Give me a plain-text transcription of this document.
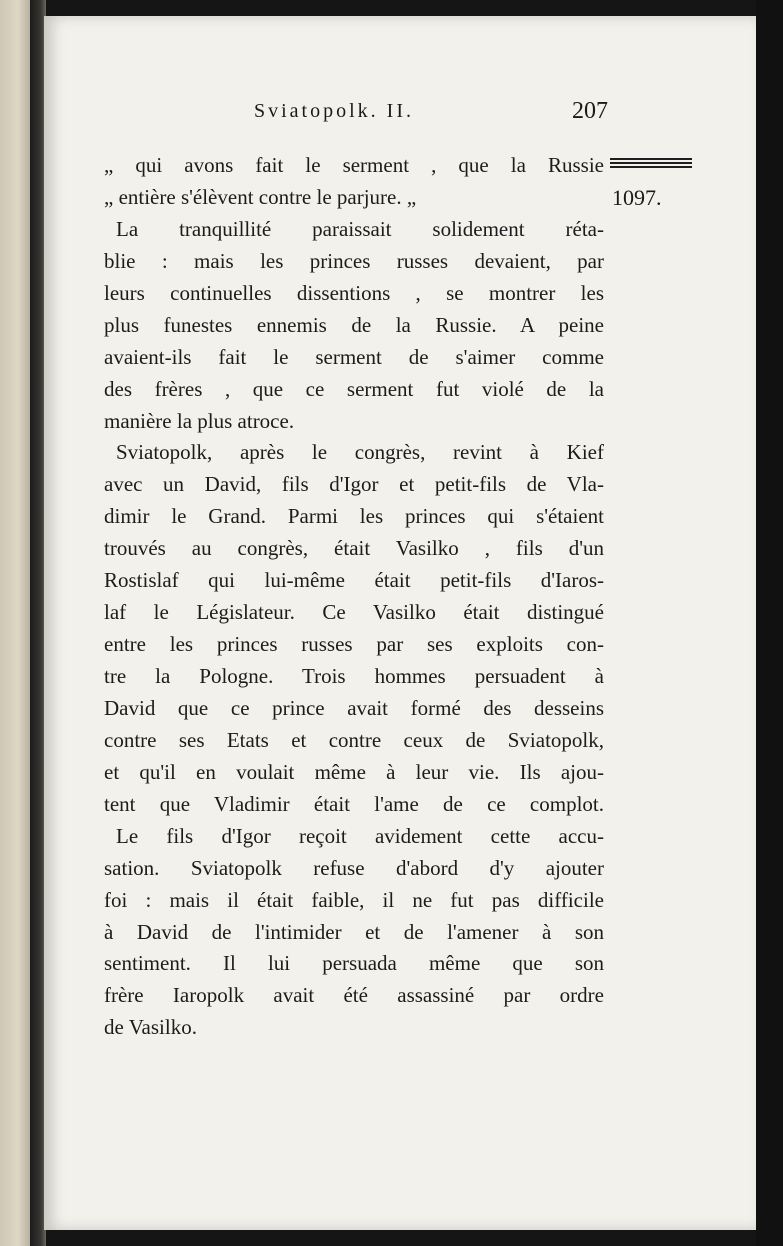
Sviatopolk. II.	207
1097.
„ qui avons fait le serment , que la Russie
„ entière s'élèvent contre le parjure. „
La tranquillité paraissait solidement réta-
blie : mais les princes russes devaient, par
leurs continuelles dissentions , se montrer les
plus funestes ennemis de la Russie. A peine
avaient-ils fait le serment de s'aimer comme
des frères , que ce serment fut violé de la
manière la plus atroce.
Sviatopolk, après le congrès, revint à Kief
avec un David, fils d'Igor et petit-fils de Vla-
dimir le Grand. Parmi les princes qui s'étaient
trouvés au congrès, était Vasilko , fils d'un
Rostislaf qui lui-même était petit-fils d'Iaros-
laf le Législateur. Ce Vasilko était distingué
entre les princes russes par ses exploits con-
tre la Pologne. Trois hommes persuadent à
David que ce prince avait formé des desseins
contre ses Etats et contre ceux de Sviatopolk,
et qu'il en voulait même à leur vie. Ils ajou-
tent que Vladimir était l'ame de ce complot.
Le fils d'Igor reçoit avidement cette accu-
sation. Sviatopolk refuse d'abord d'y ajouter
foi : mais il était faible, il ne fut pas difficile
à David de l'intimider et de l'amener à son
sentiment. Il lui persuada même que son
frère Iaropolk avait été assassiné par ordre
de Vasilko.
